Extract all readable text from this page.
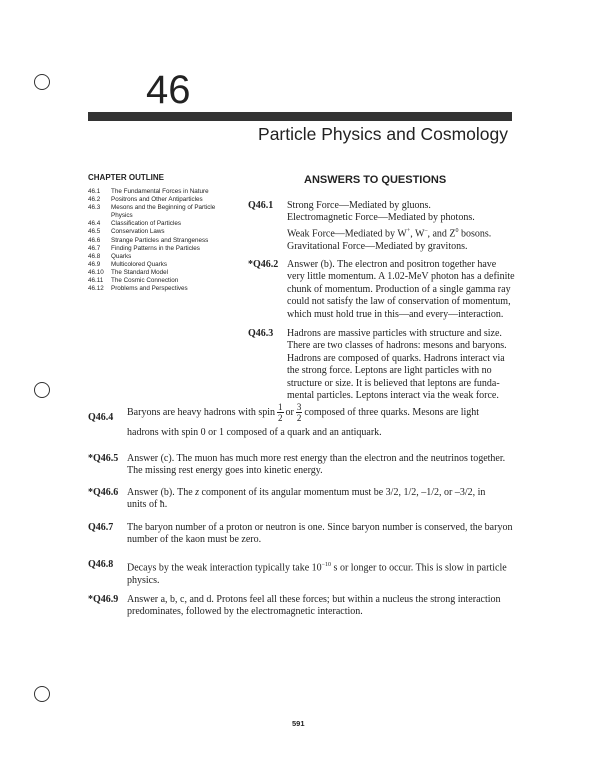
46
Particle Physics and Cosmology
CHAPTER OUTLINE
46.1	The Fundamental Forces in Nature
46.2	Positrons and Other Antiparticles
46.3	Mesons and the Beginning of Particle Physics
46.4	Classification of Particles
46.5	Conservation Laws
46.6	Strange Particles and Strangeness
46.7	Finding Patterns in the Particles
46.8	Quarks
46.9	Multicolored Quarks
46.10	The Standard Model
46.11	The Cosmic Connection
46.12	Problems and Perspectives
ANSWERS TO QUESTIONS
Q46.1 Strong Force—Mediated by gluons.
Electromagnetic Force—Mediated by photons.
Weak Force—Mediated by W+, W–, and $Z^0$ bosons.
Gravitational Force—Mediated by gravitons.
*Q46.2 Answer (b). The electron and positron together have
very little momentum. A 1.02-MeV photon has a definite
chunk of momentum. Production of a single gamma ray
could not satisfy the law of conservation of momentum,
which must hold true in this—and every—interaction.
Q46.3 Hadrons are massive particles with structure and size.
There are two classes of hadrons: mesons and baryons.
Hadrons are composed of quarks. Hadrons interact via
the strong force. Leptons are light particles with no
structure or size. It is believed that leptons are funda-
mental particles. Leptons interact via the weak force.
Q46.4 Baryons are heavy hadrons with spin $\frac{1}{2}$ or $\frac{3}{2}$ composed of three quarks. Mesons are light
hadrons with spin 0 or 1 composed of a quark and an antiquark.
*Q46.5 Answer (c). The muon has much more rest energy than the electron and the neutrinos together.
The missing rest energy goes into kinetic energy.
*Q46.6 Answer (b). The z component of its angular momentum must be 3/2, 1/2, –1/2, or –3/2, in
units of ħ.
Q46.7 The baryon number of a proton or neutron is one. Since baryon number is conserved, the baryon
number of the kaon must be zero.
Q46.8 Decays by the weak interaction typically take $10^{-10}$ s or longer to occur. This is slow in particle
physics.
*Q46.9 Answer a, b, c, and d. Protons feel all these forces; but within a nucleus the strong interaction
predominates, followed by the electromagnetic interaction.
591
